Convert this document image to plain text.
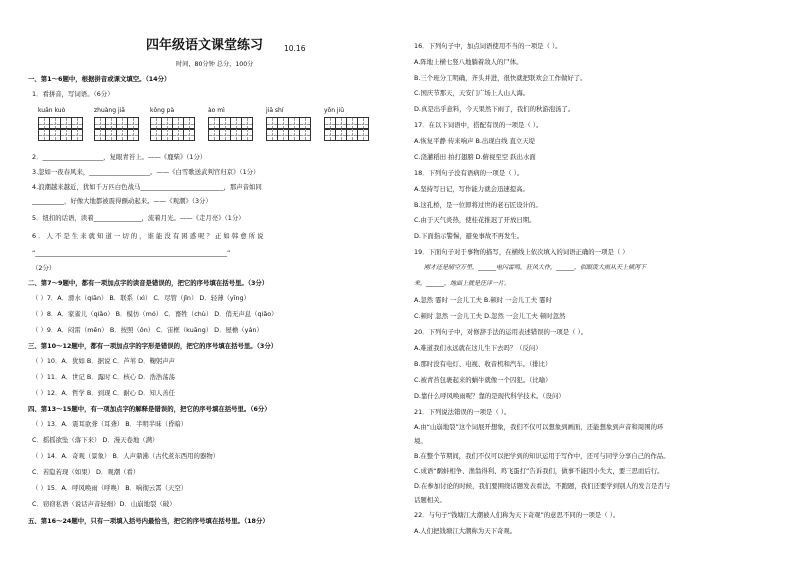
四年级语文课堂练习	10.16
时间，80分钟 总分，100分
一、第1～6题中，根据拼音或课文填空。（14分）
1．看拼音，写词语。（6分）
kuān kuò	zhuàng jiā	kǒng pà	ào mì	jiā shí	yōn jiū
2．___________________，复眼青苔上。——《鹿柴》（1分）
3.忽如一夜春风来，___________________。——《白雪歌送武判官归京》（1分）
4.浪潮越来越近，犹如千万匹白色战马__________________________，那声音如同
__________，好像大地都被震得颤动起来。——《观潮》（3分）
5．纽扣的话语，读着_______________，流着月光。——《走月亮》（1分）
6 ． 人 不 是 生 来 就 知 道 一 切 的 ， 谁 能 没 有 困 惑 呢 ？ 正 如 韩 愈 所 说
“____________________________________________________________”
（2分）
二、第7～9题中，都有一项加点字的读音是错误的，把它的序号填在括号里。（3分）
（ ）7．A．滑水（qiān） B．联系（xì） C．尽管（jǐn） D．轻薄（yīng）
（ ）8．A．家雀儿（qiǎo） B．模仿（mó） C．畜牲（chù） D．俏无声息（qiǎo）
（ ）9．A．闷雷（mēn） B．按照（ǒn） C．宙框（kuāng） D．屋檐（yán）
三、第10～12题中，都有一项加点字的字形是错误的，把它的序号填在括号里。（3分）
（ ）10．A．犹如 B．据说 C．芦苇 D．鞠躬声声
（ ）11．A．世记 B．露时 C．核心 D．浩浩荡荡
（ ）12．A．哲学 B．到现 C．耐心 D．知人善任
四、第13～15题中，有一项加点字的解释是错误的，把它的序号填在括号里。（6分）
（ ）13．A．震耳欲聋（耳聋） B．半明半昧（昏暗）
C．摇摇欲坠（落下来） D．漫天卷地（满）
（ ）14．A．奇观（景象） B．人声鼎沸（古代煮东西用的器物）
C．若隐若现（如果） D．观潮（看）
（ ）15．A．呼风唤雨（呼唤） B．响彻云霄（天空）
C．窃窃私语（说话声音轻细）D．山崩地裂（破）
五、第16～24题中，只有一项填入括号内最恰当，把它的序号填在括号里。（18分）
16．下列句子中，加点词语使用不当的一项是（ ）。
A.阵地上横七竖八地躺着敌人的尸体。
B.三个班分工明确，齐头并进，很快就把联欢会工作做好了。
C.国庆节那天，天安门广场上人山人海。
D.真是出乎意料，今天果然下雨了，我们的秋游泡汤了。
17．在以下词语中，搭配有误的一项是（ ）。
A.恢复平静 传来响声 B.出现白线 直立天堤
C.浇灌稻田 拍打翅膀 D.俯视至空 跃出水面
18．下列句子没有语病的一项是（ ）。
A.坚持写日记，写作能力就会迅速提高。
B.这孔桥，是一位即将过世的老石匠设计的。
C.由于天气炎热，使桂花推迟了开放日期。
D.下面指示警惕，避免事故不再发生。
19．下面句子对于事物的描写，在横线上依次填入的词语正确的一项是（ ）
刚才还是晴空万里，______电闪雷鸣，狂风大作，______，似眼泼大雨从天上倾泻下
来，______，地面上就是汪洋一片。
A.忽然 霎时 一会儿工夫 B.顿时 一会儿工夫 霎时
C.顿时 忽然 一会儿工夫 D.忽然 一会儿工夫 顿时忽然
20．下列句子中，对修辞手法的运用表述错误的一项是（ ）。
A.难道我们永远就在这儿生下去吗？（反问）
B.那时没有电灯、电视、收音机和汽车。（排比）
C.被青苔包裹起来的蜗牛就像一个囚犯。（比喻）
D.靠什么呼风唤雨呢？靠的是现代科学技术。（设问）
21．下列说法错误的一项是（ ）。
A.由“山崩地裂”这个词展开想象，我们不仅可以想象到画面，还能想象到声音和周围的环
境。
B.在整个节期间，我们不仅可以把学到的知识运用于写作中，还可与同学分享自己的作品。
C.成语“鹬蚌相争、渔翁得利、鸡飞蛋打”告诉我们，做事不能因小失大，要三思而后行。
D.在参加讨论的时候，我们要围绕话题发表看法，不跑题，我们还要学到别人的发言是否与
话题相关。
22．与句子“钱塘江大潮被人们称为天下奇观”的意思不同的一项是（ ）。
A.人们把钱塘江大潮称为天下奇观。
